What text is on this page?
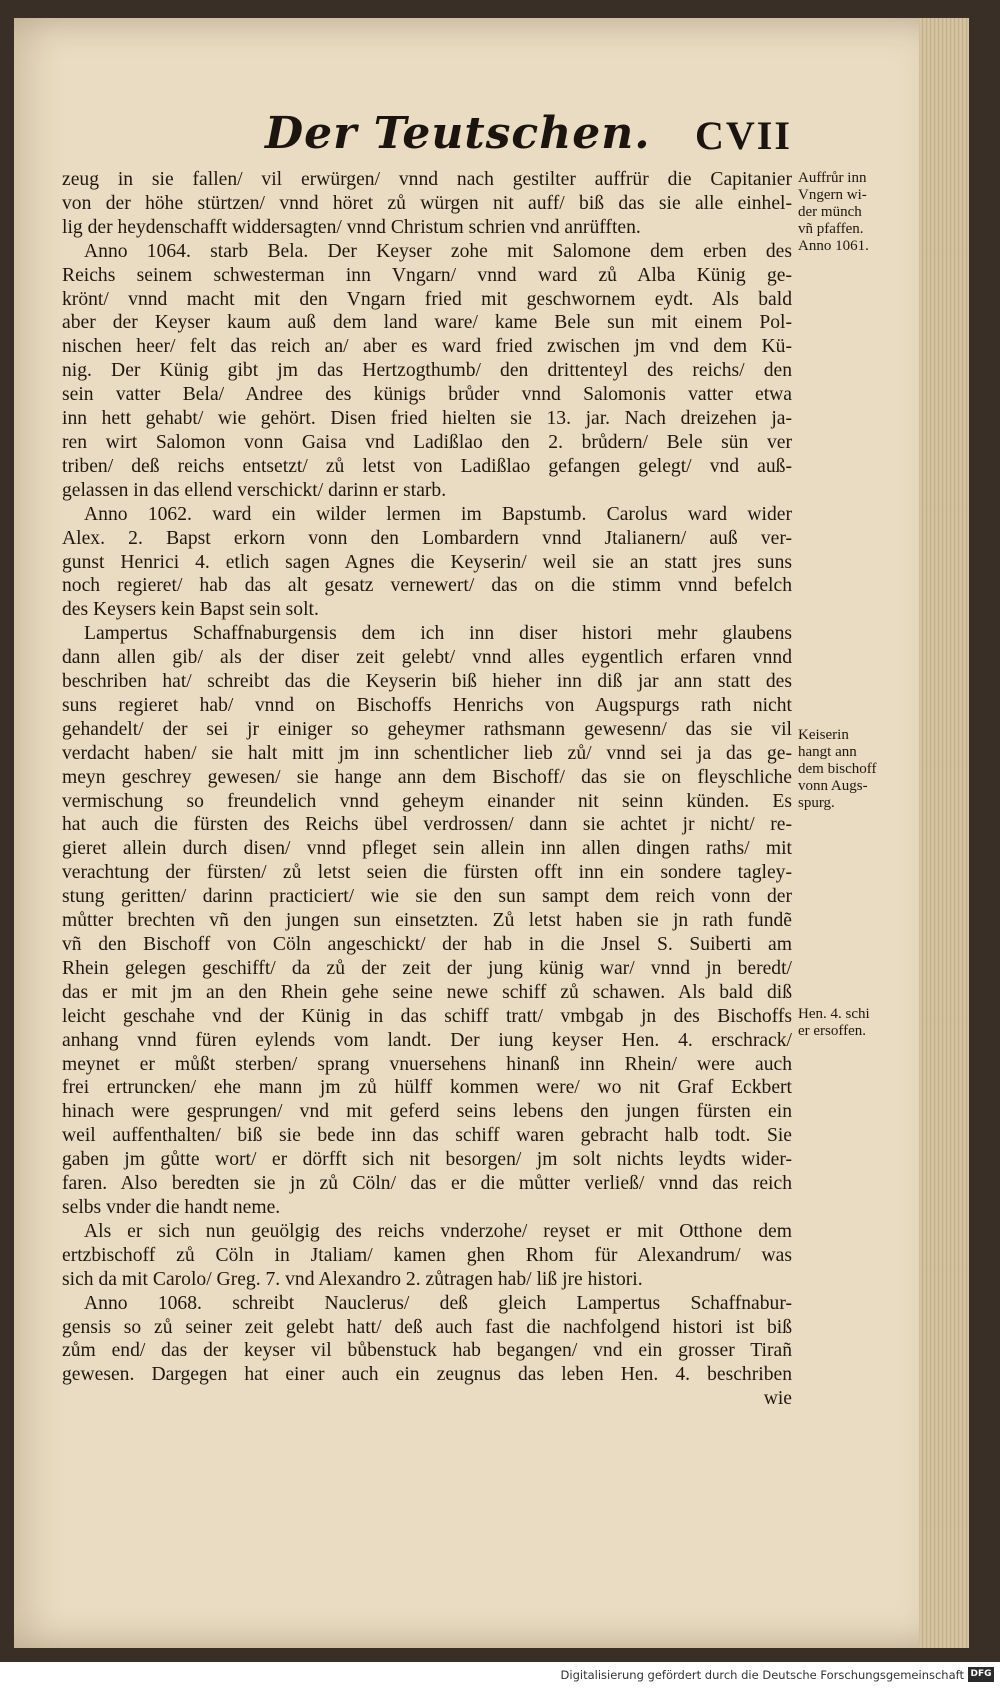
Der Teutschen. CVII
zeug in sie fallen/ vil erwürgen/ vnnd nach gestilter auffrür die Capitanier
von der höhe stürtzen/ vnnd höret zů würgen nit auff/ biß das sie alle einhel-
lig der heydenschafft widdersagten/ vnnd Christum schrien vnd anrüfften.
Anno 1064. starb Bela. Der Keyser zohe mit Salomone dem erben des
Reichs seinem schwesterman inn Vngarn/ vnnd ward zů Alba Künig ge-
krönt/ vnnd macht mit den Vngarn fried mit geschwornem eydt. Als bald
aber der Keyser kaum auß dem land ware/ kame Bele sun mit einem Pol-
nischen heer/ felt das reich an/ aber es ward fried zwischen jm vnd dem Kü-
nig. Der Künig gibt jm das Hertzogthumb/ den drittenteyl des reichs/ den
sein vatter Bela/ Andree des künigs brůder vnnd Salomonis vatter etwa
inn hett gehabt/ wie gehört. Disen fried hielten sie 13. jar. Nach dreizehen ja-
ren wirt Salomon vonn Gaisa vnd Ladißlao den 2. brůdern/ Bele sün ver
triben/ deß reichs entsetzt/ zů letst von Ladißlao gefangen gelegt/ vnd auß-
gelassen in das ellend verschickt/ darinn er starb.
Anno 1062. ward ein wilder lermen im Bapstumb. Carolus ward wider
Alex. 2. Bapst erkorn vonn den Lombardern vnnd Jtalianern/ auß ver-
gunst Henrici 4. etlich sagen Agnes die Keyserin/ weil sie an statt jres suns
noch regieret/ hab das alt gesatz vernewert/ das on die stimm vnnd befelch
des Keysers kein Bapst sein solt.
Lampertus Schaffnaburgensis dem ich inn diser histori mehr glaubens
dann allen gib/ als der diser zeit gelebt/ vnnd alles eygentlich erfaren vnnd
beschriben hat/ schreibt das die Keyserin biß hieher inn diß jar ann statt des
suns regieret hab/ vnnd on Bischoffs Henrichs von Augspurgs rath nicht
gehandelt/ der sei jr einiger so geheymer rathsmann gewesenn/ das sie vil
verdacht haben/ sie halt mitt jm inn schentlicher lieb zů/ vnnd sei ja das ge-
meyn geschrey gewesen/ sie hange ann dem Bischoff/ das sie on fleyschliche
vermischung so freundelich vnnd geheym einander nit seinn künden. Es
hat auch die fürsten des Reichs übel verdrossen/ dann sie achtet jr nicht/ re-
gieret allein durch disen/ vnnd pfleget sein allein inn allen dingen raths/ mit
verachtung der fürsten/ zů letst seien die fürsten offt inn ein sondere tagley-
stung geritten/ darinn practiciert/ wie sie den sun sampt dem reich vonn der
můtter brechten vñ den jungen sun einsetzten. Zů letst haben sie jn rath fundẽ
vñ den Bischoff von Cöln angeschickt/ der hab in die Jnsel S. Suiberti am
Rhein gelegen geschifft/ da zů der zeit der jung künig war/ vnnd jn beredt/
das er mit jm an den Rhein gehe seine newe schiff zů schawen. Als bald diß
leicht geschahe vnd der Künig in das schiff tratt/ vmbgab jn des Bischoffs
anhang vnnd füren eylends vom landt. Der iung keyser Hen. 4. erschrack/
meynet er můßt sterben/ sprang vnuersehens hinanß inn Rhein/ were auch
frei ertruncken/ ehe mann jm zů hülff kommen were/ wo nit Graf Eckbert
hinach were gesprungen/ vnd mit geferd seins lebens den jungen fürsten ein
weil auffenthalten/ biß sie bede inn das schiff waren gebracht halb todt. Sie
gaben jm gůtte wort/ er dörfft sich nit besorgen/ jm solt nichts leydts wider-
faren. Also beredten sie jn zů Cöln/ das er die můtter verließ/ vnnd das reich
selbs vnder die handt neme.
Als er sich nun geuölgig des reichs vnderzohe/ reyset er mit Otthone dem
ertzbischoff zů Cöln in Jtaliam/ kamen ghen Rhom für Alexandrum/ was
sich da mit Carolo/ Greg. 7. vnd Alexandro 2. zůtragen hab/ liß jre histori.
Anno 1068. schreibt Nauclerus/ deß gleich Lampertus Schaffnabur-
gensis so zů seiner zeit gelebt hatt/ deß auch fast die nachfolgend histori ist biß
zům end/ das der keyser vil bůbenstuck hab begangen/ vnd ein grosser Tirañ
gewesen. Dargegen hat einer auch ein zeugnus das leben Hen. 4. beschriben
wie
Auffrůr inn
Vngern wi-
der münch
vñ pfaffen.
Anno 1061.
Keiserin
hangt ann
dem bischoff
vonn Augs-
spurg.
Hen. 4. schi
er ersoffen.
Digitalisierung gefördert durch die Deutsche Forschungsgemeinschaft DFG
